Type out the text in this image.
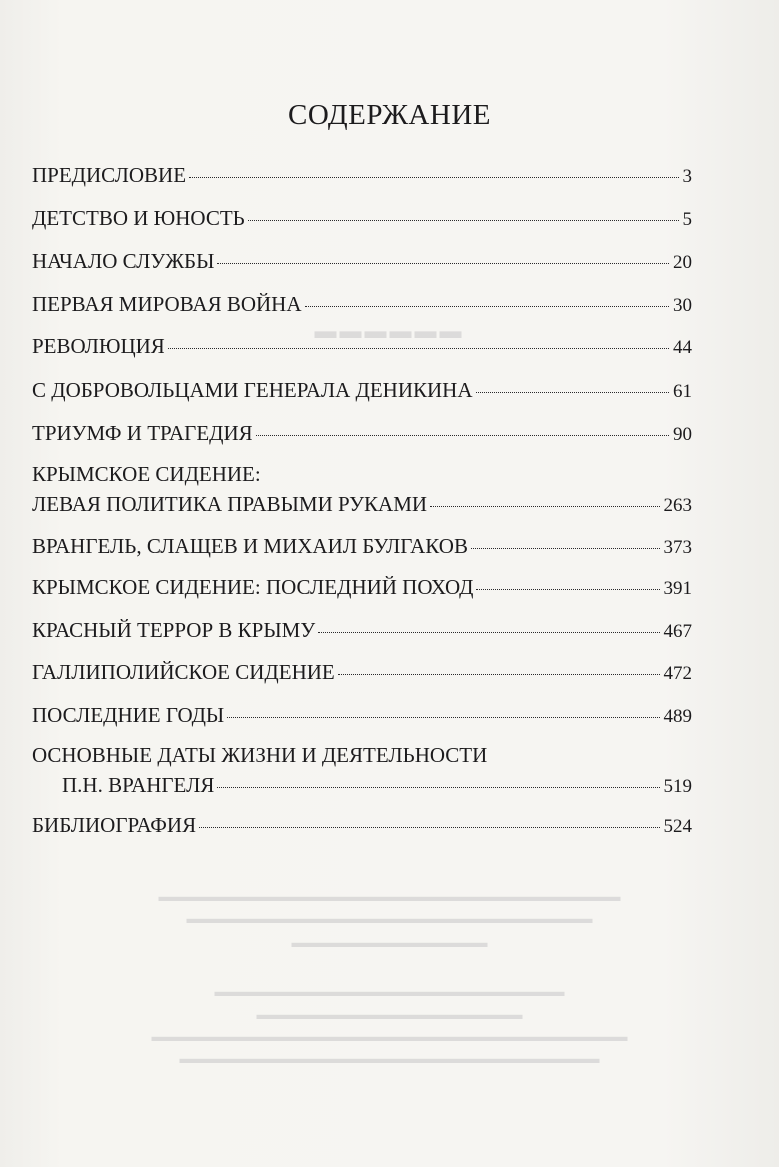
▬▬▬▬▬▬
▬▬▬▬▬▬▬▬▬▬▬▬▬▬▬▬▬▬▬▬▬▬▬▬▬▬▬▬▬▬▬▬▬
▬▬▬▬▬▬▬▬▬▬▬▬▬▬▬▬▬▬▬▬▬▬▬▬▬▬▬▬▬
▬▬▬▬▬▬▬▬▬▬▬▬▬▬
▬▬▬▬▬▬▬▬▬▬▬▬▬▬▬▬▬▬▬▬▬▬▬▬▬
▬▬▬▬▬▬▬▬▬▬▬▬▬▬▬▬▬▬▬
▬▬▬▬▬▬▬▬▬▬▬▬▬▬▬▬▬▬▬▬▬▬▬▬▬▬▬▬▬▬▬▬▬▬
▬▬▬▬▬▬▬▬▬▬▬▬▬▬▬▬▬▬▬▬▬▬▬▬▬▬▬▬▬▬
СОДЕРЖАНИЕ
ПРЕДИСЛОВИЕ	3
ДЕТСТВО И ЮНОСТЬ	5
НАЧАЛО СЛУЖБЫ	20
ПЕРВАЯ МИРОВАЯ ВОЙНА	30
РЕВОЛЮЦИЯ	44
С ДОБРОВОЛЬЦАМИ ГЕНЕРАЛА ДЕНИКИНА	61
ТРИУМФ И ТРАГЕДИЯ	90
КРЫМСКОЕ СИДЕНИЕ:
ЛЕВАЯ ПОЛИТИКА ПРАВЫМИ РУКАМИ	263
ВРАНГЕЛЬ, СЛАЩЕВ И МИХАИЛ БУЛГАКОВ	373
КРЫМСКОЕ СИДЕНИЕ: ПОСЛЕДНИЙ ПОХОД	391
КРАСНЫЙ ТЕРРОР В КРЫМУ	467
ГАЛЛИПОЛИЙСКОЕ СИДЕНИЕ	472
ПОСЛЕДНИЕ ГОДЫ	489
ОСНОВНЫЕ ДАТЫ ЖИЗНИ И ДЕЯТЕЛЬНОСТИ
П.Н. ВРАНГЕЛЯ	519
БИБЛИОГРАФИЯ	524
